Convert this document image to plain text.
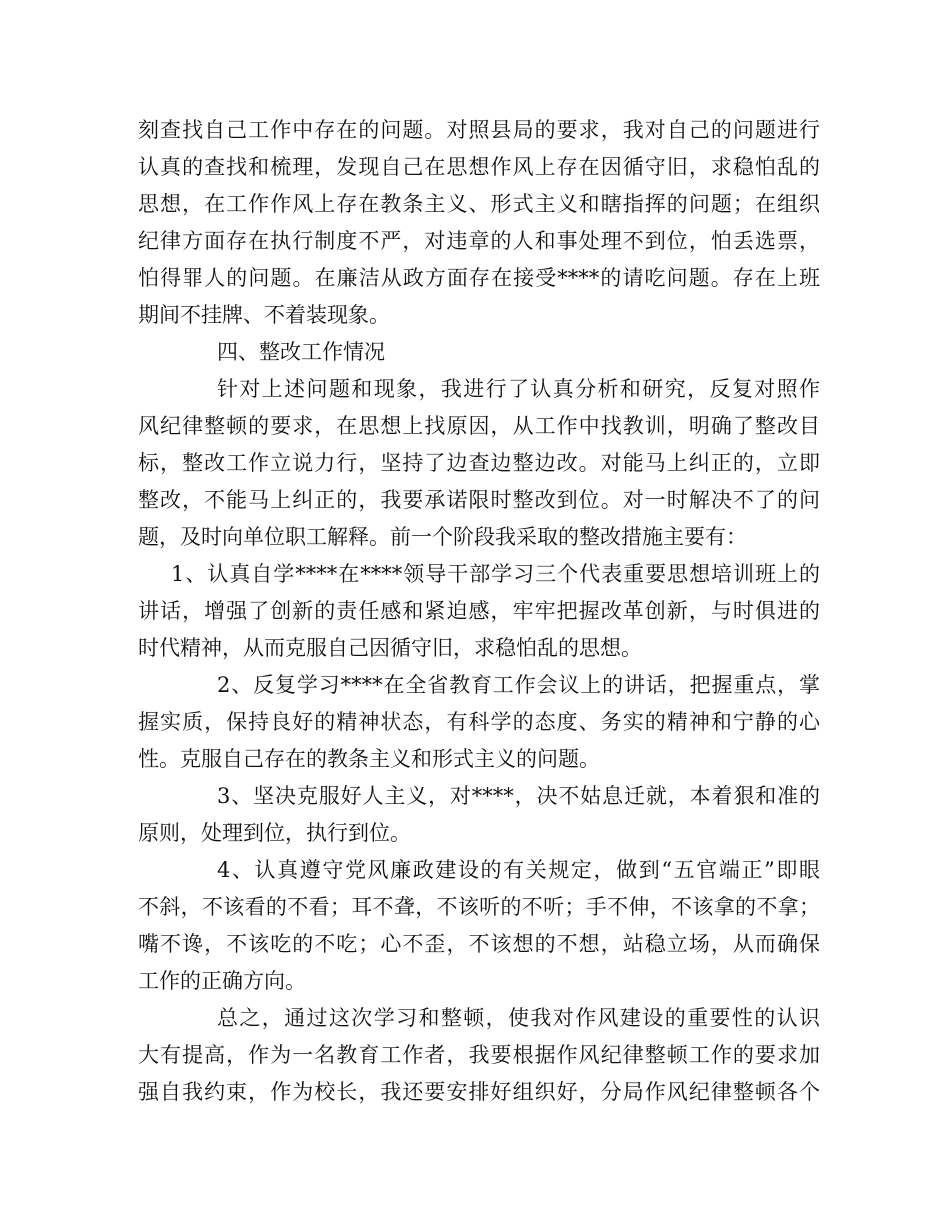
刻查找自己工作中存在的问题。对照县局的要求，我对自己的问题进行
认真的查找和梳理，发现自己在思想作风上存在因循守旧，求稳怕乱的
思想，在工作作风上存在教条主义、形式主义和瞎指挥的问题；在组织
纪律方面存在执行制度不严，对违章的人和事处理不到位，怕丢选票，
怕得罪人的问题。在廉洁从政方面存在接受****的请吃问题。存在上班
期间不挂牌、不着装现象。
四、整改工作情况
针对上述问题和现象，我进行了认真分析和研究，反复对照作
风纪律整顿的要求，在思想上找原因，从工作中找教训，明确了整改目
标，整改工作立说力行，坚持了边查边整边改。对能马上纠正的，立即
整改，不能马上纠正的，我要承诺限时整改到位。对一时解决不了的问
题，及时向单位职工解释。前一个阶段我采取的整改措施主要有：
1、认真自学****在****领导干部学习三个代表重要思想培训班上的
讲话，增强了创新的责任感和紧迫感，牢牢把握改革创新，与时俱进的
时代精神，从而克服自己因循守旧，求稳怕乱的思想。
2、反复学习****在全省教育工作会议上的讲话，把握重点，掌
握实质，保持良好的精神状态，有科学的态度、务实的精神和宁静的心
性。克服自己存在的教条主义和形式主义的问题。
3、坚决克服好人主义，对****，决不姑息迁就，本着狠和准的
原则，处理到位，执行到位。
4、认真遵守党风廉政建设的有关规定，做到“五官端正”即眼
不斜，不该看的不看；耳不聋，不该听的不听；手不伸，不该拿的不拿；
嘴不谗，不该吃的不吃；心不歪，不该想的不想，站稳立场，从而确保
工作的正确方向。
总之，通过这次学习和整顿，使我对作风建设的重要性的认识
大有提高，作为一名教育工作者，我要根据作风纪律整顿工作的要求加
强自我约束，作为校长，我还要安排好组织好，分局作风纪律整顿各个
